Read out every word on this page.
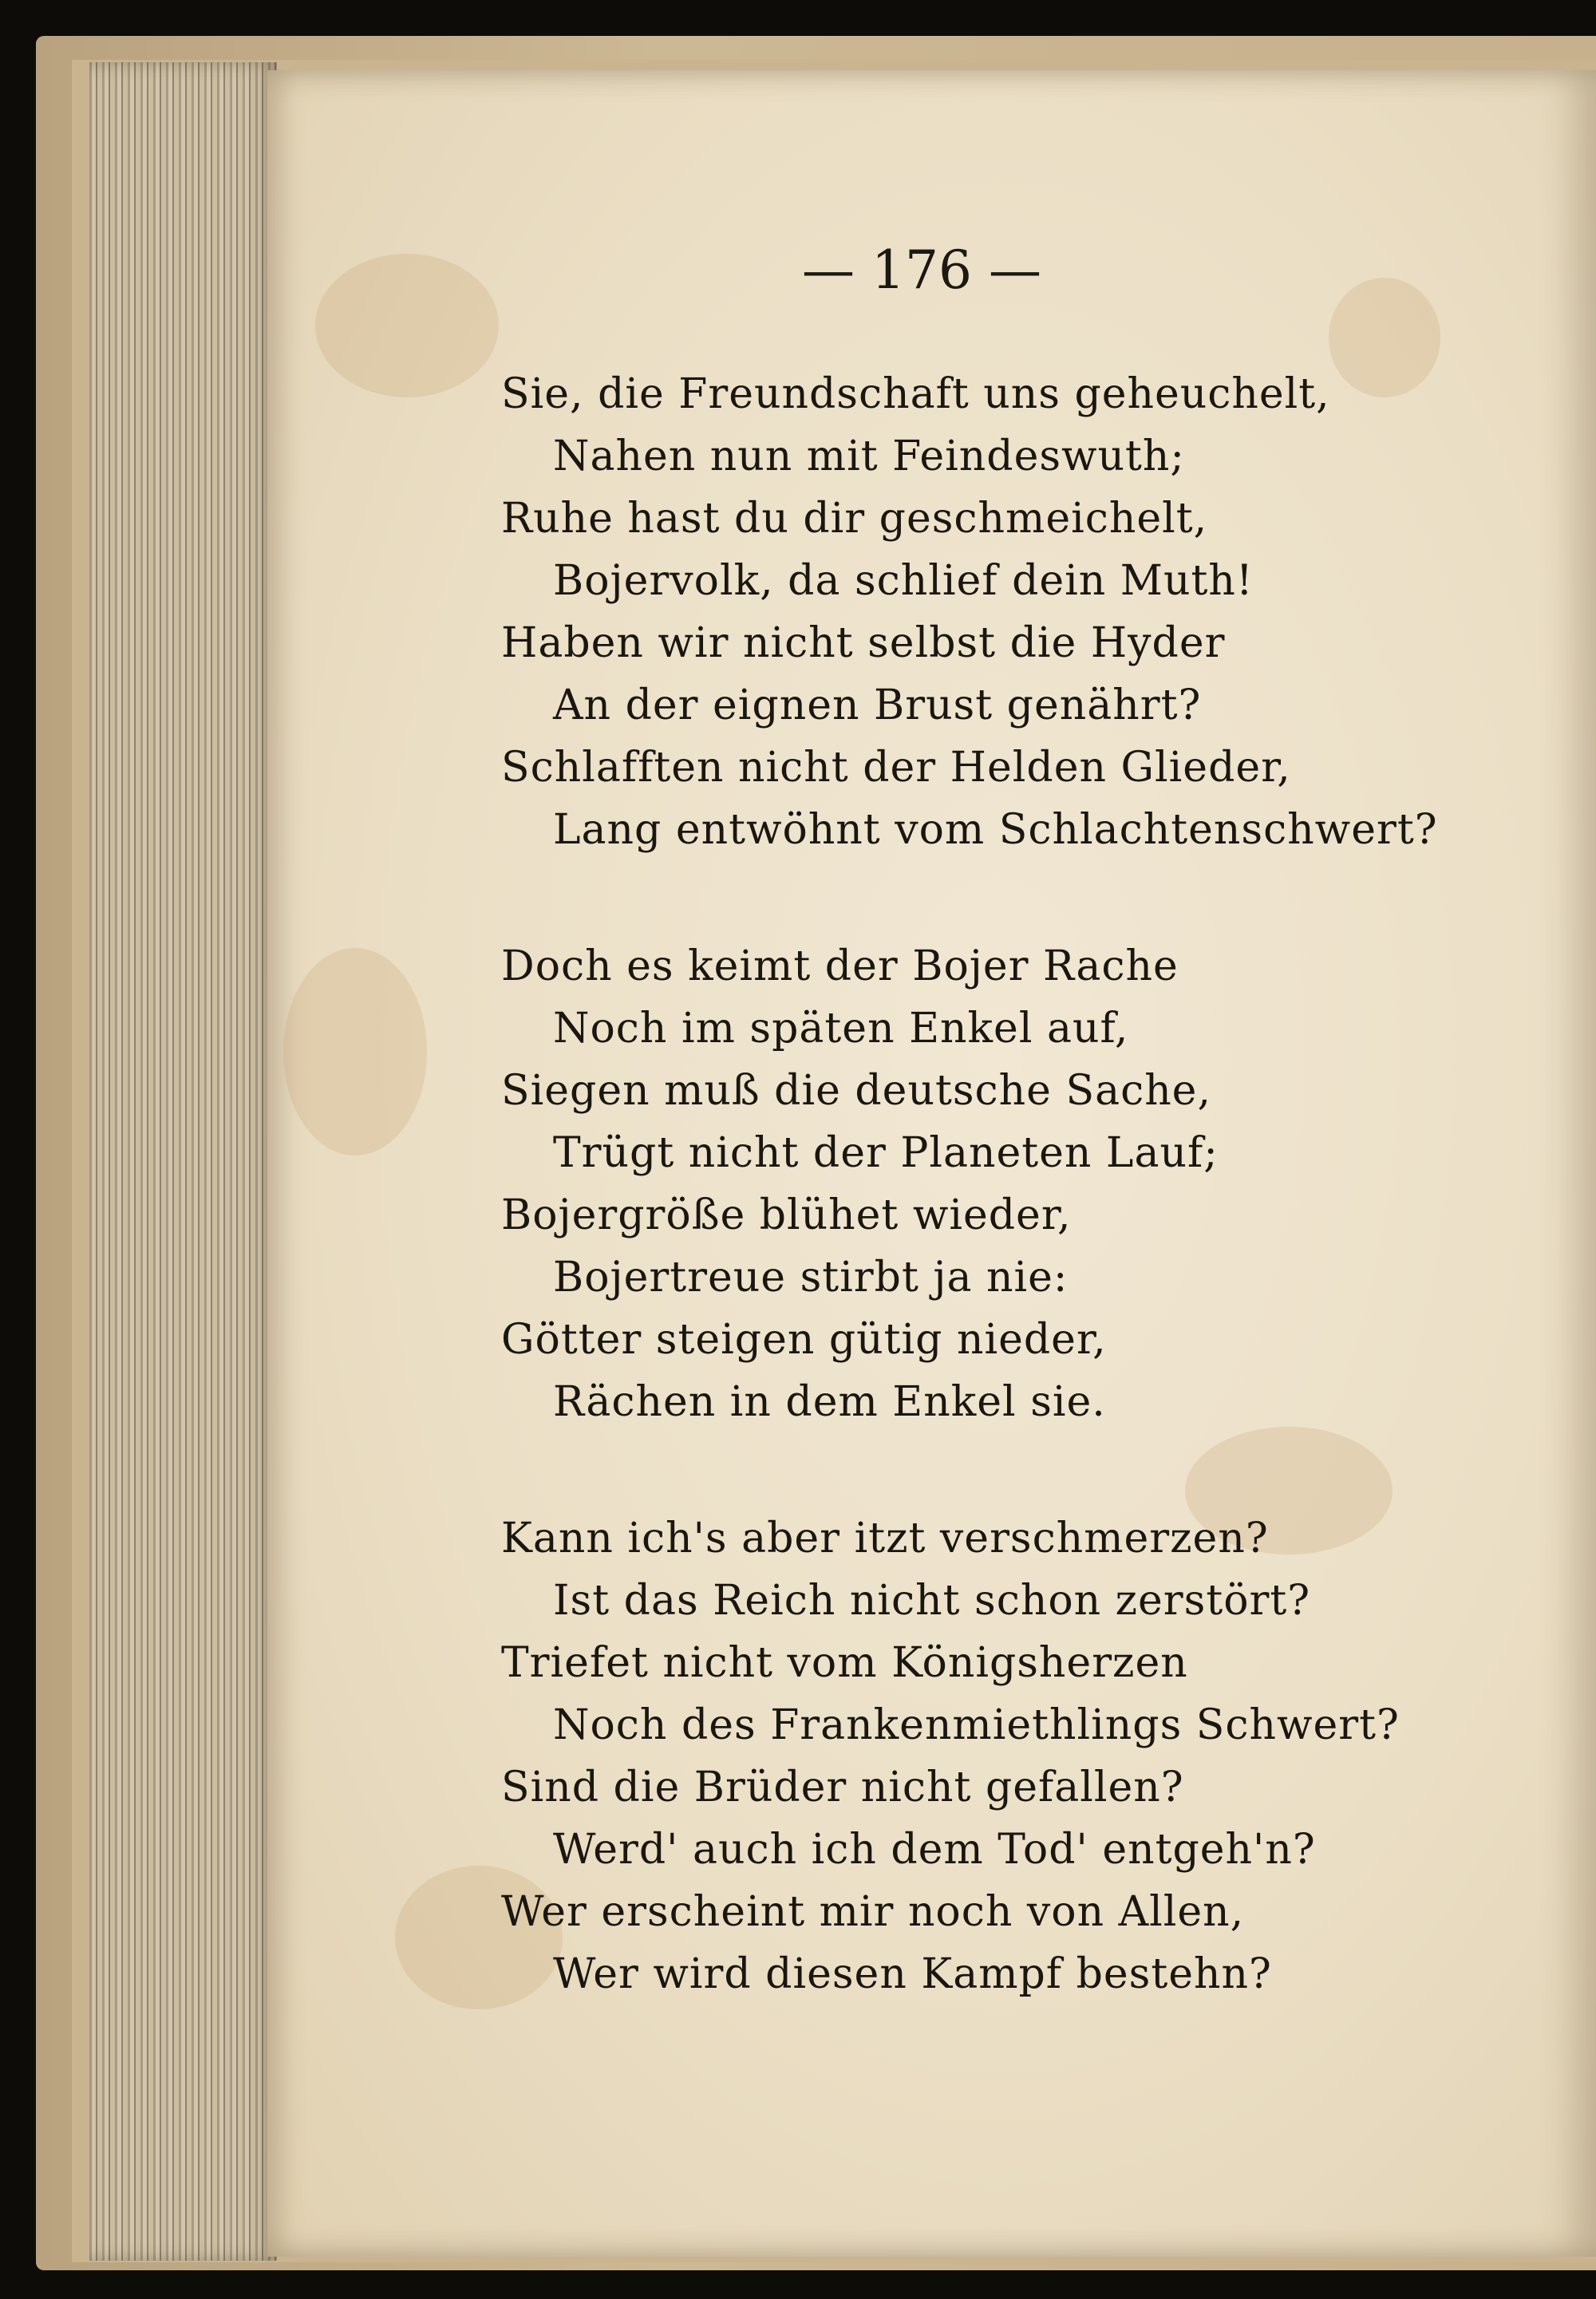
— 176 —
Sie, die Freundschaft uns geheuchelt,
Nahen nun mit Feindeswuth;
Ruhe hast du dir geschmeichelt,
Bojervolk, da schlief dein Muth!
Haben wir nicht selbst die Hyder
An der eignen Brust genährt?
Schlafften nicht der Helden Glieder,
Lang entwöhnt vom Schlachtenschwert?
Doch es keimt der Bojer Rache
Noch im späten Enkel auf,
Siegen muß die deutsche Sache,
Trügt nicht der Planeten Lauf;
Bojergröße blühet wieder,
Bojertreue stirbt ja nie:
Götter steigen gütig nieder,
Rächen in dem Enkel sie.
Kann ich's aber itzt verschmerzen?
Ist das Reich nicht schon zerstört?
Triefet nicht vom Königsherzen
Noch des Frankenmiethlings Schwert?
Sind die Brüder nicht gefallen?
Werd' auch ich dem Tod' entgeh'n?
Wer erscheint mir noch von Allen,
Wer wird diesen Kampf bestehn?
